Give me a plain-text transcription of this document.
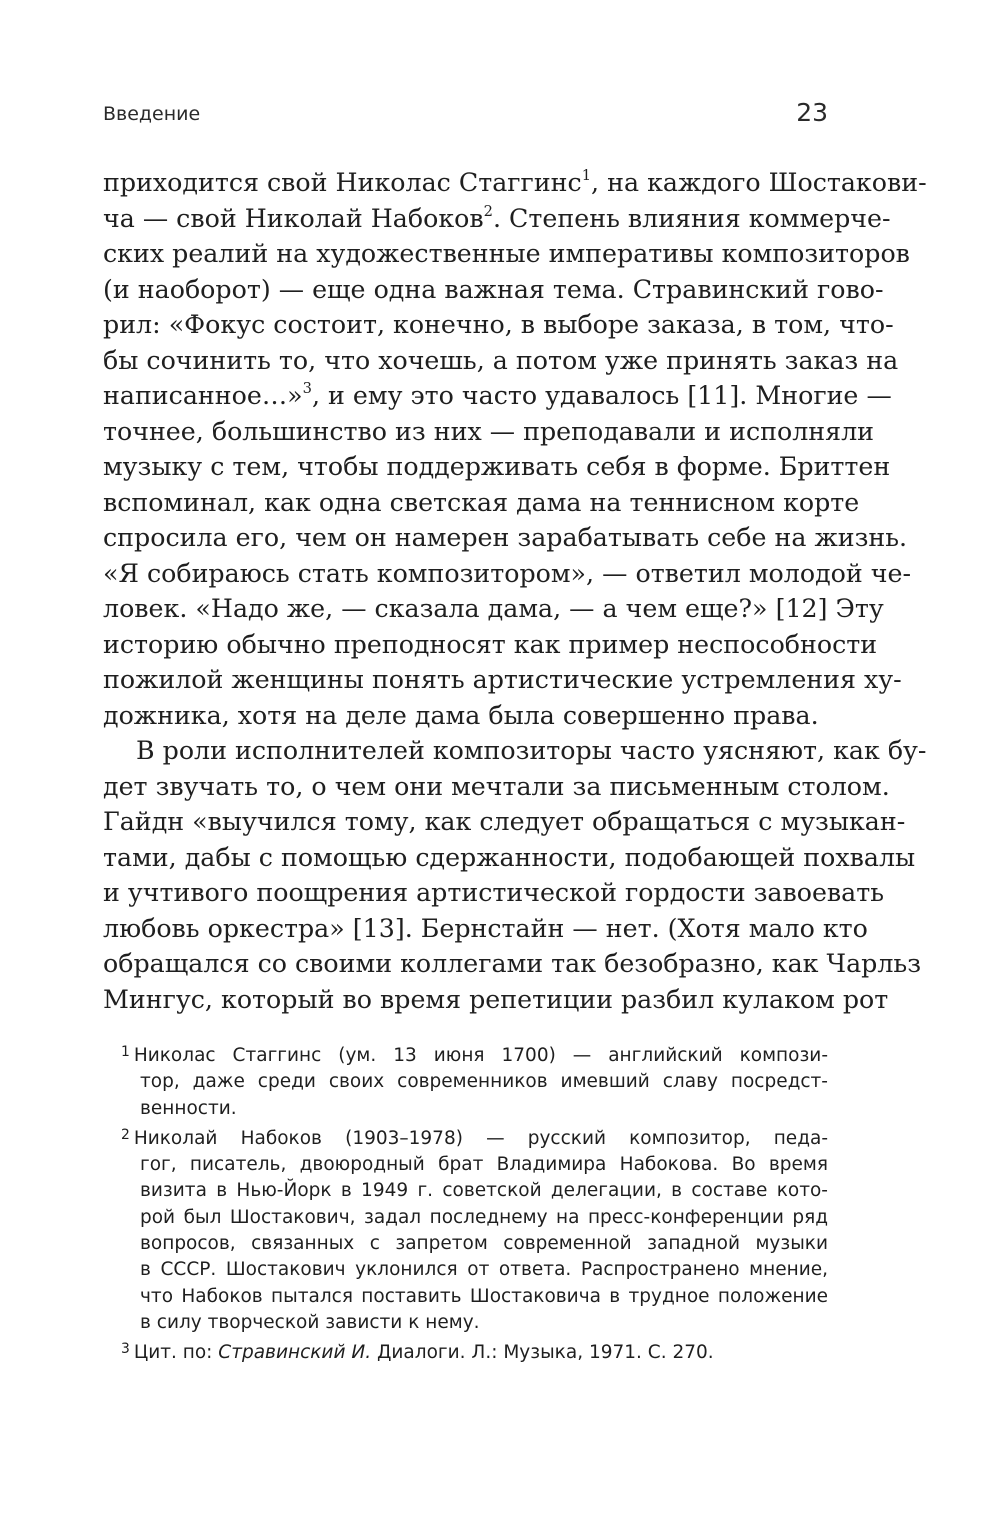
Введение	23
приходится свой Николас Стаггинс$^1$, на каждого Шостакови-
ча — свой Николай Набоков$^2$. Степень влияния коммерче-
ских реалий на художественные императивы композиторов
(и наоборот) — еще одна важная тема. Стравинский гово-
рил: «Фокус состоит, конечно, в выборе заказа, в том, что-
бы сочинить то, что хочешь, а потом уже принять заказ на
написанное…»$^3$, и ему это часто удавалось [11]. Многие —
точнее, большинство из них — преподавали и исполняли
музыку с тем, чтобы поддерживать себя в форме. Бриттен
вспоминал, как одна светская дама на теннисном корте
спросила его, чем он намерен зарабатывать себе на жизнь.
«Я собираюсь стать композитором», — ответил молодой че-
ловек. «Надо же, — сказала дама, — а чем еще?» [12] Эту
историю обычно преподносят как пример неспособности
пожилой женщины понять артистические устремления ху-
дожника, хотя на деле дама была совершенно права.
В роли исполнителей композиторы часто уясняют, как бу-
дет звучать то, о чем они мечтали за письменным столом.
Гайдн «выучился тому, как следует обращаться с музыкан-
тами, дабы с помощью сдержанности, подобающей похвалы
и учтивого поощрения артистической гордости завоевать
любовь оркестра» [13]. Бернстайн — нет. (Хотя мало кто
обращался со своими коллегами так безобразно, как Чарльз
Мингус, который во время репетиции разбил кулаком рот
$^1$ Николас Стаггинс (ум. 13 июня 1700) — английский компози-
тор, даже среди своих современников имевший славу посредст-
венности.
$^2$ Николай Набоков (1903–1978) — русский композитор, педа-
гог, писатель, двоюродный брат Владимира Набокова. Во время
визита в Нью-Йорк в 1949 г. советской делегации, в составе кото-
рой был Шостакович, задал последнему на пресс-конференции ряд
вопросов, связанных с запретом современной западной музыки
в СССР. Шостакович уклонился от ответа. Распространено мнение,
что Набоков пытался поставить Шостаковича в трудное положение
в силу творческой зависти к нему.
$^3$ Цит. по: Стравинский И. Диалоги. Л.: Музыка, 1971. С. 270.
